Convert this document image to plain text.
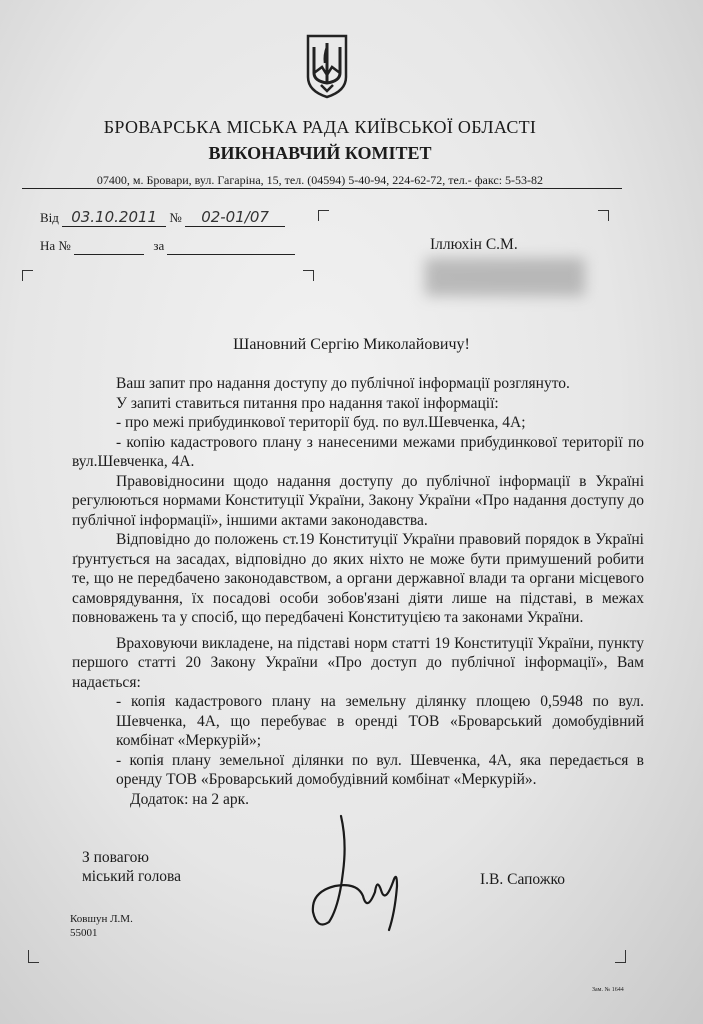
БРОВАРСЬКА МІСЬКА РАДА КИЇВСЬКОЇ ОБЛАСТІ
ВИКОНАВЧИЙ КОМІТЕТ
07400, м. Бровари, вул. Гагаріна, 15, тел. (04594) 5-40-94, 224-62-72, тел.- факс: 5-53-82
Від 03.10.2011 № 02-01/07
На №	за	Іллюхін С.М.
Шановний Сергію Миколайовичу!

Ваш запит про надання доступу до публічної інформації розглянуто.

У запиті ставиться питання про надання такої інформації:

- про межі прибудинкової території буд. по вул.Шевченка, 4А;

- копію кадастрового плану з нанесеними межами прибудинкової території по вул.Шевченка, 4А.

Правовідносини щодо надання доступу до публічної інформації в Україні регулюються нормами Конституції України, Закону України «Про надання доступу до публічної інформації», іншими актами законодавства.

Відповідно до положень ст.19 Конституції України правовий порядок в Україні ґрунтується на засадах, відповідно до яких ніхто не може бути примушений робити те, що не передбачено законодавством, а органи державної влади та органи місцевого самоврядування, їх посадові особи зобов'язані діяти лише на підставі, в межах повноважень та у спосіб, що передбачені Конституцією та законами України.

Враховуючи викладене, на підставі норм статті 19 Конституції України, пункту першого статті 20 Закону України «Про доступ до публічної інформації», Вам надається:

- копія кадастрового плану на земельну ділянку площею 0,5948 по вул. Шевченка, 4А, що перебуває в оренді ТОВ «Броварський домобудівний комбінат «Меркурій»;

- копія плану земельної ділянки по вул. Шевченка, 4А, яка передається в оренду ТОВ «Броварський домобудівний комбінат «Меркурій».

Додаток: на 2 арк.

З повагою
міський голова	І.В. Сапожко
Ковшун Л.М.
55001
Зам. № 1644
